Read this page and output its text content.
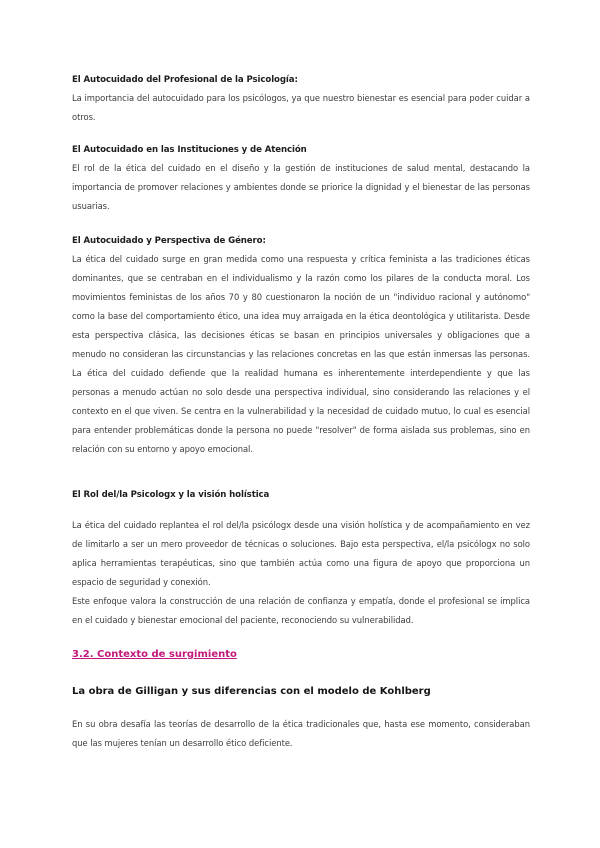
El Autocuidado del Profesional de la Psicología:

La importancia del autocuidado para los psicólogos, ya que nuestro bienestar es esencial para poder cuidar a otros.

El Autocuidado en las Instituciones y de Atención

El rol de la ética del cuidado en el diseño y la gestión de instituciones de salud mental, destacando la importancia de promover relaciones y ambientes donde se priorice la dignidad y el bienestar de las personas usuarias.

El Autocuidado y Perspectiva de Género:

La ética del cuidado surge en gran medida como una respuesta y crítica feminista a las tradiciones éticas dominantes, que se centraban en el individualismo y la razón como los pilares de la conducta moral. Los movimientos feministas de los años 70 y 80 cuestionaron la noción de un "individuo racional y autónomo" como la base del comportamiento ético, una idea muy arraigada en la ética deontológica y utilitarista. Desde esta perspectiva clásica, las decisiones éticas se basan en principios universales y obligaciones que a menudo no consideran las circunstancias y las relaciones concretas en las que están inmersas las personas. La ética del cuidado defiende que la realidad humana es inherentemente interdependiente y que las personas a menudo actúan no solo desde una perspectiva individual, sino considerando las relaciones y el contexto en el que viven. Se centra en la vulnerabilidad y la necesidad de cuidado mutuo, lo cual es esencial para entender problemáticas donde la persona no puede "resolver" de forma aislada sus problemas, sino en relación con su entorno y apoyo emocional.

El Rol del/la Psicologx y la visión holística

La ética del cuidado replantea el rol del/la psicólogx desde una visión holística y de acompañamiento en vez de limitarlo a ser un mero proveedor de técnicas o soluciones. Bajo esta perspectiva, el/la psicólogx no solo aplica herramientas terapéuticas, sino que también actúa como una figura de apoyo que proporciona un espacio de seguridad y conexión.

Este enfoque valora la construcción de una relación de confianza y empatía, donde el profesional se implica en el cuidado y bienestar emocional del paciente, reconociendo su vulnerabilidad.

3.2. Contexto de surgimiento

La obra de Gilligan y sus diferencias con el modelo de Kohlberg

En su obra desafía las teorías de desarrollo de la ética tradicionales que, hasta ese momento, consideraban que las mujeres tenían un desarrollo ético deficiente.
